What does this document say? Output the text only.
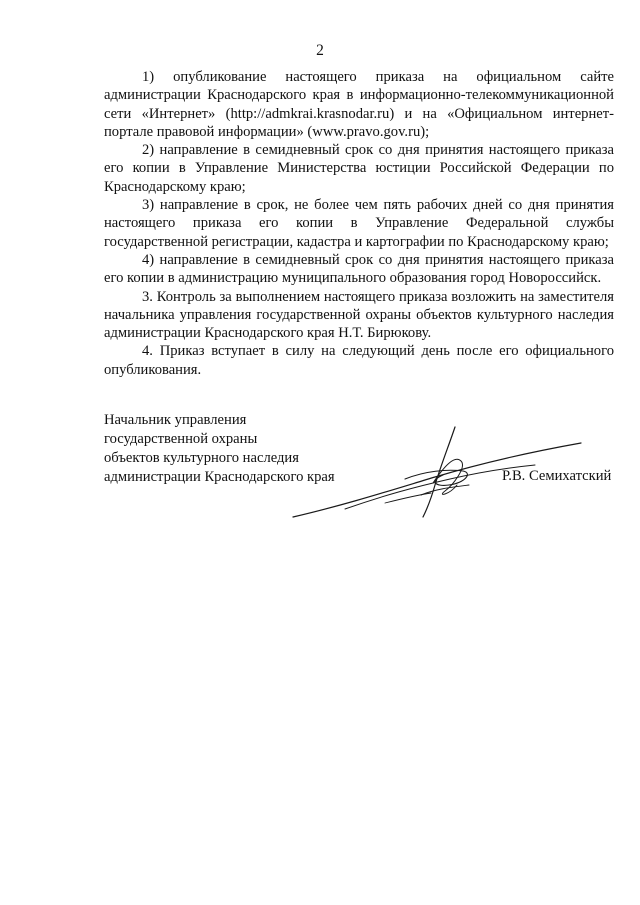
2

1) опубликование настоящего приказа на официальном сайте администрации Краснодарского края в информационно-телекоммуникационной сети «Интернет» (http://admkrai.krasnodar.ru) и на «Официальном интернет-портале правовой информации» (www.pravo.gov.ru);

2) направление в семидневный срок со дня принятия настоящего приказа его копии в Управление Министерства юстиции Российской Федерации по Краснодарскому краю;

3) направление в срок, не более чем пять рабочих дней со дня принятия настоящего приказа его копии в Управление Федеральной службы государственной регистрации, кадастра и картографии по Краснодарскому краю;

4) направление в семидневный срок со дня принятия настоящего приказа его копии в администрацию муниципального образования город Новороссийск.

3. Контроль за выполнением настоящего приказа возложить на заместителя начальника управления государственной охраны объектов культурного наследия администрации Краснодарского края Н.Т. Бирюкову.

4. Приказ вступает в силу на следующий день после его официального опубликования.

Начальник управления
государственной охраны
объектов культурного наследия
администрации Краснодарского края	Р.В. Семихатский
